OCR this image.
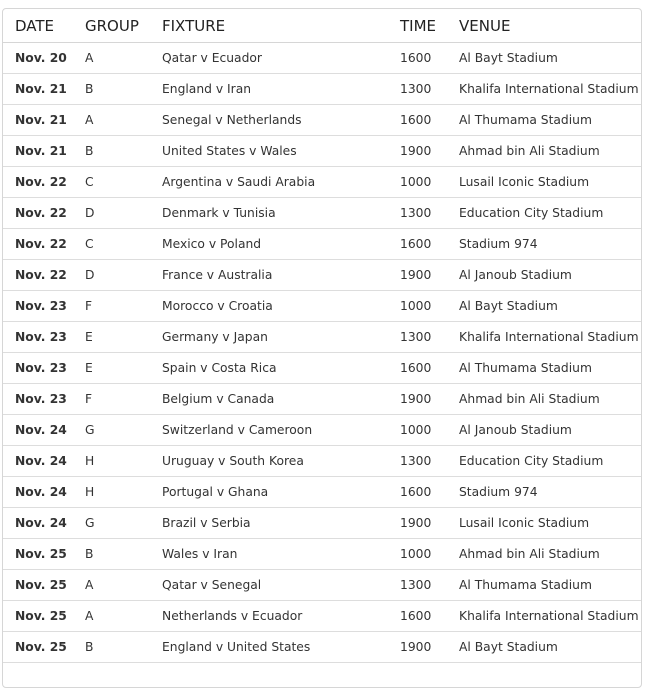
DATE	GROUP	FIXTURE	TIME	VENUE
Nov. 20	A	Qatar v Ecuador	1600	Al Bayt Stadium
Nov. 21	B	England v Iran	1300	Khalifa International Stadium
Nov. 21	A	Senegal v Netherlands	1600	Al Thumama Stadium
Nov. 21	B	United States v Wales	1900	Ahmad bin Ali Stadium
Nov. 22	C	Argentina v Saudi Arabia	1000	Lusail Iconic Stadium
Nov. 22	D	Denmark v Tunisia	1300	Education City Stadium
Nov. 22	C	Mexico v Poland	1600	Stadium 974
Nov. 22	D	France v Australia	1900	Al Janoub Stadium
Nov. 23	F	Morocco v Croatia	1000	Al Bayt Stadium
Nov. 23	E	Germany v Japan	1300	Khalifa International Stadium
Nov. 23	E	Spain v Costa Rica	1600	Al Thumama Stadium
Nov. 23	F	Belgium v Canada	1900	Ahmad bin Ali Stadium
Nov. 24	G	Switzerland v Cameroon	1000	Al Janoub Stadium
Nov. 24	H	Uruguay v South Korea	1300	Education City Stadium
Nov. 24	H	Portugal v Ghana	1600	Stadium 974
Nov. 24	G	Brazil v Serbia	1900	Lusail Iconic Stadium
Nov. 25	B	Wales v Iran	1000	Ahmad bin Ali Stadium
Nov. 25	A	Qatar v Senegal	1300	Al Thumama Stadium
Nov. 25	A	Netherlands v Ecuador	1600	Khalifa International Stadium
Nov. 25	B	England v United States	1900	Al Bayt Stadium
